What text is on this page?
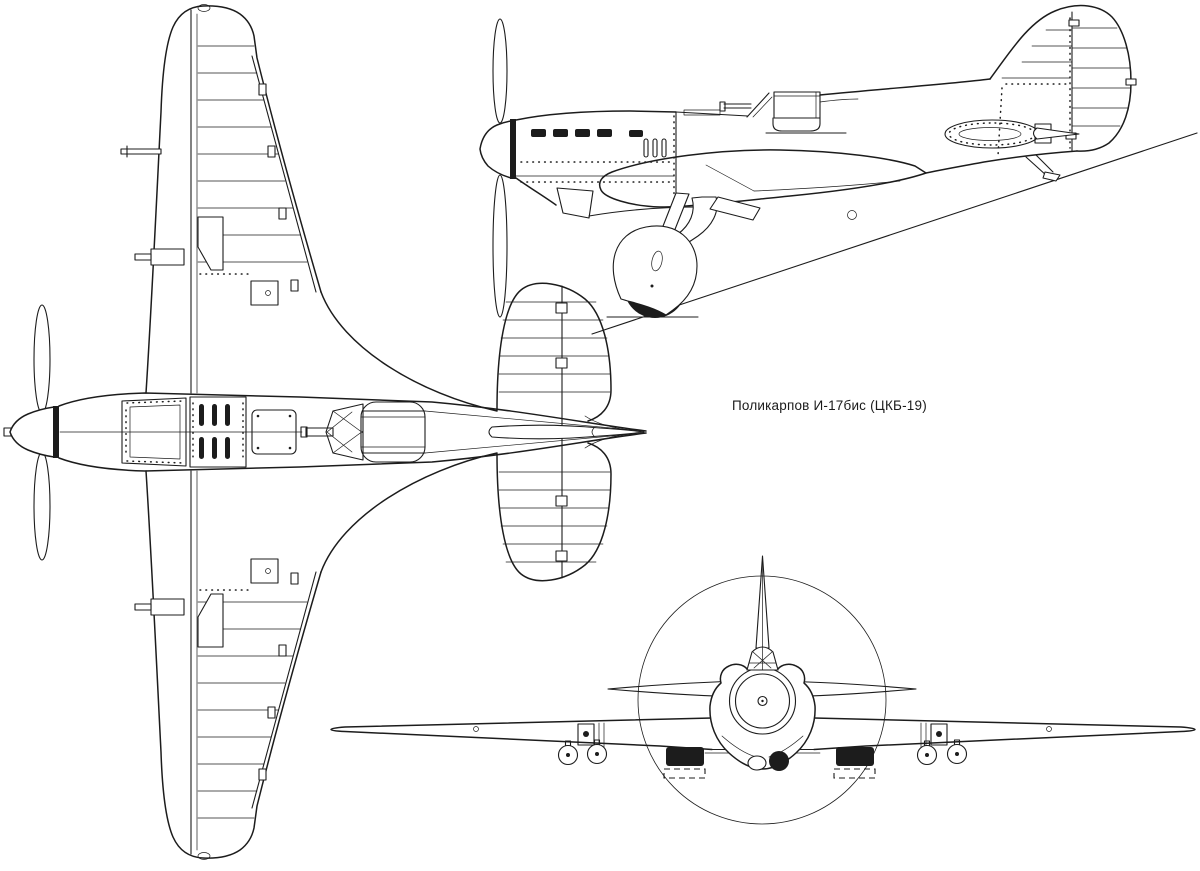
Поликарпов И-17бис (ЦКБ-19)
